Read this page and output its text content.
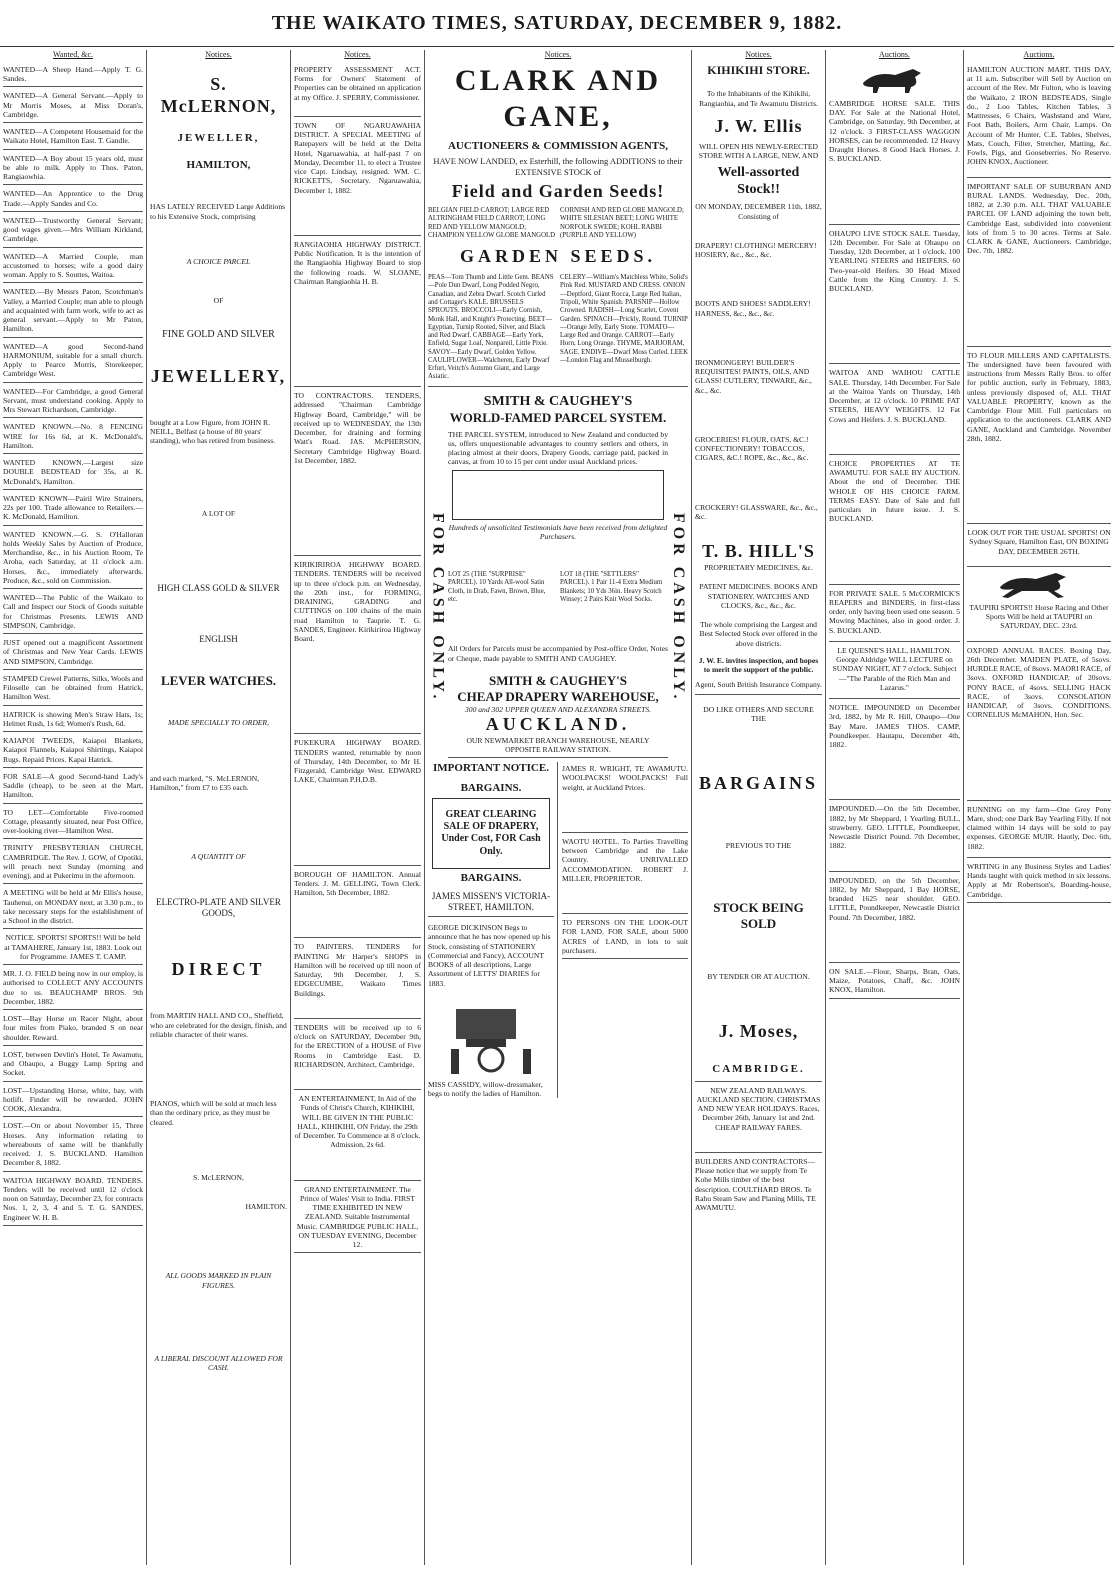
THE WAIKATO TIMES, SATURDAY, DECEMBER 9, 1882.
Wanted, &c.
WANTED—A Sheep Hand.—Apply T. G. Sandes.
WANTED—A General Servant.—Apply to Mr Morris Moses, at Miss Doran's, Cambridge.
WANTED—A Competent Housemaid for the Waikato Hotel, Hamilton East. T. Gandle.
WANTED—A Boy about 15 years old, must be able to milk. Apply to Thos. Paton, Rangiaowhia.
WANTED—An Apprentice to the Drug Trade.—Apply Sandes and Co.
WANTED—Trustworthy General Servant; good wages given.—Mrs William Kirkland, Cambridge.
WANTED—A Married Couple, man accustomed to horses; wife a good dairy woman. Apply to S. Souttes, Waitoa.
WANTED.—By Messrs Paton, Scotchman's Valley, a Married Couple; man able to plough and acquainted with farm work, wife to act as general servant.—Apply to Mr Paton, Hamilton.
WANTED—A good Second-hand HARMONIUM, suitable for a small church. Apply to Pearce Morris, Storekeeper, Cambridge West.
WANTED—For Cambridge, a good General Servant, must understand cooking. Apply to Mrs Stewart Richardson, Cambridge.
WANTED KNOWN.—No. 8 FENCING WIRE for 16s 6d, at K. McDonald's, Hamilton.
WANTED KNOWN.—Largest size DOUBLE BEDSTEAD for 35s, at K. McDonald's, Hamilton.
WANTED KNOWN—Pairil Wire Strainers, 22s per 100. Trade allowance to Retailers.—K. McDonald, Hamilton.
WANTED KNOWN.—G. S. O'Halloran holds Weekly Sales by Auction of Produce, Merchandise, &c., in his Auction Room, Te Aroha, each Saturday, at 11 o'clock a.m. Horses, &c., immediately afterwards. Produce, &c., sold on Commission.
WANTED—The Public of the Waikato to Call and Inspect our Stock of Goods suitable for Christmas Presents. LEWIS AND SIMPSON, Cambridge.
JUST opened out a magnificent Assortment of Christmas and New Year Cards. LEWIS AND SIMPSON, Cambridge.
STAMPED Crewel Patterns, Silks, Wools and Filoselle can be obtained from Hatrick, Hamilton West.
HATRICK is showing Men's Straw Hats, 1s; Helmet Rush, 1s 6d; Women's Rush, 6d.
KAIAPOI TWEEDS, Kaiapoi Blankets, Kaiapoi Flannels, Kaiapoi Shirtings, Kaiapoi Rugs. Repaid Prices. Kapai Hatrick.
FOR SALE—A good Second-hand Lady's Saddle (cheap), to be seen at the Mart, Hamilton.
TO LET—Comfortable Five-roomed Cottage, pleasantly situated, near Post Office, over-looking river—Hamilton West.
TRINITY PRESBYTERIAN CHURCH, CAMBRIDGE. The Rev. J. GOW, of Opotiki, will preach next Sunday (morning and evening), and at Pukerimu in the afternoon.
A MEETING will be held at Mr Ellis's house, Tauhenui, on MONDAY next, at 3.30 p.m., to take necessary steps for the establishment of a School in the district.
NOTICE. SPORTS! SPORTS!! Will be held at TAMAHERE, January 1st, 1883. Look out for Programme. JAMES T. CAMP.
MR. J. O. FIELD being now in our employ, is authorised to COLLECT ANY ACCOUNTS due to us. BEAUCHAMP BROS. 9th December, 1882.
LOST—Bay Horse on Racer Night, about four miles from Piako, branded S on near shoulder. Reward.
LOST, between Devlin's Hotel, Te Awamutu, and Ohaupo, a Buggy Lamp Spring and Socket.
LOST—Upstanding Horse, white, bay, with hotlift. Finder will be rewarded. JOHN COOK, Alexandra.
LOST.—On or about November 15, Three Horses. Any information relating to whereabouts of same will be thankfully received. J. S. BUCKLAND. Hamilton December 8, 1882.
WAITOA HIGHWAY BOARD. TENDERS. Tenders will be received until 12 o'clock noon on Saturday, December 23, for contracts Nos. 1, 2, 3, 4 and 5. T. G. SANDES, Engineer W. H. B.
Notices.
S. McLERNON,
JEWELLER,
HAMILTON,
HAS LATELY RECEIVED Large Additions to his Extensive Stock, comprising
A CHOICE PARCEL
OF
FINE GOLD AND SILVER
JEWELLERY,
bought at a Low Figure, from JOHN R. NEILL, Belfast (a house of 80 years' standing), who has retired from business.
A LOT OF
HIGH CLASS GOLD & SILVER
ENGLISH
LEVER WATCHES.
MADE SPECIALLY TO ORDER,
and each marked, "S. McLERNON, Hamilton," from £7 to £35 each.
A QUANTITY OF
ELECTRO-PLATE AND SILVER GOODS,
DIRECT
from MARTIN HALL AND CO., Sheffield, who are celebrated for the design, finish, and reliable character of their wares.
PIANOS, which will be sold at much less than the ordinary price, as they must be cleared.
S. McLERNON,
HAMILTON.
ALL GOODS MARKED IN PLAIN FIGURES.
A LIBERAL DISCOUNT ALLOWED FOR CASH.
Notices.
PROPERTY ASSESSMENT ACT. Forms for Owners' Statement of Properties can be obtained on application at my Office. J. SPERRY, Commissioner.
TOWN OF NGARUAWAHIA DISTRICT. A SPECIAL MEETING of Ratepayers will be held at the Delta Hotel, Ngaruawahia, at half-past 7 on Monday, December 11, to elect a Trustee vice Capt. Lindsay, resigned. WM. C. RICKETTS, Secretary. Ngaruawahia, December 1, 1882.
RANGIAOHIA HIGHWAY DISTRICT. Public Notification. It is the intention of the Rangiaohia Highway Board to stop the following roads. W. SLOANE, Chairman Rangiaohia H. B.
TO CONTRACTORS. TENDERS, addressed "Chairman Cambridge Highway Board, Cambridge," will be received up to WEDNESDAY, the 13th December, for draining and forming Watt's Road. JAS. McPHERSON, Secretary Cambridge Highway Board. 1st December, 1882.
KIRIKIRIROA HIGHWAY BOARD. TENDERS. TENDERS will be received up to three o'clock p.m. on Wednesday, the 20th inst., for FORMING, DRAINING, GRADING and CUTTINGS on 100 chains of the main road Hamilton to Tauprie. T. G. SANDES, Engineer. Kirikiriroa Highway Board.
PUKEKURA HIGHWAY BOARD. TENDERS wanted, returnable by noon of Thursday, 14th December, to Mr H. Fitzgerald, Cambridge West. EDWARD LAKE, Chairman P.H.D.B.
BOROUGH OF HAMILTON. Annual Tenders. J. M. GELLING, Town Clerk. Hamilton, 5th December, 1882.
TO PAINTERS. TENDERS for PAINTING Mr Harper's SHOPS in Hamilton will be received up till noon of Saturday, 9th December. J. S. EDGECUMBE, Waikato Times Buildings.
TENDERS will be received up to 6 o'clock on SATURDAY, December 9th, for the ERECTION of a HOUSE of Five Rooms in Cambridge East. D. RICHARDSON, Architect, Cambridge.
AN ENTERTAINMENT, In Aid of the Funds of Christ's Church, KIHIKIHI, WILL BE GIVEN IN THE PUBLIC HALL, KIHIKIHI, ON Friday, the 29th of December. To Commence at 8 o'clock. Admission, 2s 6d.
GRAND ENTERTAINMENT. The Prince of Wales' Visit to India. FIRST TIME EXHIBITED IN NEW ZEALAND. Suitable Instrumental Music. CAMBRIDGE PUBLIC HALL, ON TUESDAY EVENING, December 12.
Notices.
CLARK AND GANE,
AUCTIONEERS & COMMISSION AGENTS,
HAVE NOW LANDED, ex Esterhill, the following ADDITIONS to their EXTENSIVE STOCK of
Field and Garden Seeds!
BELGIAN FIELD CARROT; LARGE RED ALTRINGHAM FIELD CARROT; LONG RED AND YELLOW MANGOLD; CHAMPION YELLOW GLOBE MANGOLD
CORNISH AND RED GLOBE MANGOLD; WHITE SILESIAN BEET; LONG WHITE NORFOLK SWEDE; KOHL RABBI (PURPLE AND YELLOW)
GARDEN SEEDS.
PEAS—Tom Thumb and Little Gem. BEANS—Pole Dun Dwarf, Long Podded Negro, Canadian, and Zebra Dwarf. Scotch Curled and Cottager's KALE. BRUSSELS SPROUTS. BROCCOLI—Early Cornish, Monk Hall, and Knight's Protecting. BEET—Egyptian, Turnip Rooted, Silver, and Black and Red Dwarf. CABBAGE—Early York, Enfield, Sugar Loaf, Nonpareil, Little Pixie. SAVOY—Early Dwarf, Golden Yellow. CAULIFLOWER—Walcheren, Early Dwarf Erfurt, Veitch's Autumn Giant, and Large Asiatic.
CELERY—William's Matchless White, Solid's Pink Red. MUSTARD AND CRESS. ONION—Deptford, Giant Rocca, Large Red Italian, Tripoli, White Spanish. PARSNIP—Hollow Crowned. RADISH—Long Scarlet, Covent Garden. SPINACH—Prickly, Round. TURNIP—Orange Jelly, Early Stone. TOMATO—Large Red and Orange. CARROT—Early Horn, Long Orange. THYME, MARJORAM, SAGE. ENDIVE—Dwarf Moss Curled. LEEK—London Flag and Musselburgh.
FOR CASH ONLY.	FOR CASH ONLY.
SMITH & CAUGHEY'S
WORLD-FAMED PARCEL SYSTEM.
THE PARCEL SYSTEM, introduced to New Zealand and conducted by us, offers unquestionable advantages to country settlers and others, in placing almost at their doors, Drapery Goods, carriage paid, packed in canvas, at from 10 to 15 per cent under usual Auckland prices.
Hundreds of unsolicited Testimonials have been received from delighted Purchasers.
LOT 25 (THE "SURPRISE" PARCEL). 10 Yards All-wool Satin Cloth, in Drab, Fawn, Brown, Blue, etc.
LOT 18 (THE "SETTLERS" PARCEL). 1 Pair 11-4 Extra Medium Blankets; 10 Yds 36in. Heavy Scotch Winsey; 2 Pairs Knit Wool Socks.
All Orders for Parcels must be accompanied by Post-office Order, Notes or Cheque, made payable to SMITH AND CAUGHEY.
SMITH & CAUGHEY'S
CHEAP DRAPERY WAREHOUSE,
300 and 302 UPPER QUEEN AND ALEXANDRA STREETS.
AUCKLAND.
OUR NEWMARKET BRANCH WAREHOUSE, NEARLY OPPOSITE RAILWAY STATION.
IMPORTANT NOTICE.
BARGAINS.
GREAT CLEARING SALE OF DRAPERY, Under Cost, FOR Cash Only.
BARGAINS.
JAMES MISSEN'S VICTORIA-STREET, HAMILTON.
GEORGE DICKINSON Begs to announce that he has now opened up his Stock, consisting of STATIONERY (Commercial and Fancy), ACCOUNT BOOKS of all descriptions, Large Assortment of LETTS' DIARIES for 1883.
MISS CASSIDY, willow-dressmaker, begs to notify the ladies of Hamilton.
JAMES R. WRIGHT, TE AWAMUTU. WOOLPACKS! WOOLPACKS! Full weight, at Auckland Prices.
WAOTU HOTEL. To Parties Travelling between Cambridge and the Lake Country. UNRIVALLED ACCOMMODATION. ROBERT J. MILLER, PROPRIETOR.
TO PERSONS ON THE LOOK-OUT FOR LAND. FOR SALE, about 5000 ACRES of LAND, in lots to suit purchasers.
Notices.
KIHIKIHI STORE.
To the Inhabitants of the Kihikihi, Rangiaohia, and Te Awamutu Districts.
J. W. Ellis
WILL OPEN HIS NEWLY-ERECTED STORE WITH A LARGE, NEW, AND
Well-assorted Stock!!
ON MONDAY, DECEMBER 11th, 1882, Consisting of
DRAPERY! CLOTHING! MERCERY! HOSIERY, &c., &c., &c.
BOOTS AND SHOES! SADDLERY! HARNESS, &c., &c., &c.
IRONMONGERY! BUILDER'S REQUISITES! PAINTS, OILS, AND GLASS! CUTLERY, TINWARE, &c., &c., &c.
GROCERIES! FLOUR, OATS, &C.! CONFECTIONERY! TOBACCOS, CIGARS, &C.! ROPE, &c., &c., &c.
CROCKERY! GLASSWARE, &c., &c., &c.
T. B. HILL'S
PROPRIETARY MEDICINES, &c.
PATENT MEDICINES. BOOKS AND STATIONERY. WATCHES AND CLOCKS, &c., &c., &c.
The whole comprising the Largest and Best Selected Stock ever offered in the above districts.
J. W. E. invites inspection, and hopes to merit the support of the public.
Agent, South British Insurance Company.
DO LIKE OTHERS AND SECURE THE
BARGAINS
PREVIOUS TO THE
STOCK BEING SOLD
BY TENDER OR AT AUCTION.
J. Moses,
CAMBRIDGE.
NEW ZEALAND RAILWAYS. AUCKLAND SECTION. CHRISTMAS AND NEW YEAR HOLIDAYS. Races, December 26th, January 1st and 2nd. CHEAP RAILWAY FARES.
BUILDERS AND CONTRACTORS—Please notice that we supply from Te Kohe Mills timber of the best description. COULTHARD BROS. Te Rahu Steam Saw and Planing Mills, TE AWAMUTU.
Auctions.
CAMBRIDGE HORSE SALE. THIS DAY. For Sale at the National Hotel, Cambridge, on Saturday, 9th December, at 12 o'clock. 3 FIRST-CLASS WAGGON HORSES, can be recommended. 12 Heavy Draught Horses. 8 Good Hack Horses. J. S. BUCKLAND.
OHAUPO LIVE STOCK SALE. Tuesday, 12th December. For Sale at Ohaupo on Tuesday, 12th December, at 1 o'clock. 100 YEARLING STEERS and HEIFERS. 60 Two-year-old Heifers. 30 Head Mixed Cattle from the King Country. J. S. BUCKLAND.
WAITOA AND WAIHOU CATTLE SALE. Thursday, 14th December. For Sale at the Waitoa Yards on Thursday, 14th December, at 12 o'clock. 10 PRIME FAT STEERS, HEAVY WEIGHTS. 12 Fat Cows and Heifers. J. S. BUCKLAND.
CHOICE PROPERTIES AT TE AWAMUTU. FOR SALE BY AUCTION. About the end of December. THE WHOLE OF HIS CHOICE FARM. TERMS EASY. Date of Sale and full particulars in future issue. J. S. BUCKLAND.
FOR PRIVATE SALE. 5 McCORMICK'S REAPERS and BINDERS, in first-class order, only having been used one season. 5 Mowing Machines, also in good order. J. S. BUCKLAND.
LE QUESNE'S HALL, HAMILTON. George Aldridge WILL LECTURE on SUNDAY NIGHT, AT 7 o'clock. Subject—"The Parable of the Rich Man and Lazarus."
NOTICE. IMPOUNDED on December 3rd, 1882, by Mr R. Hill, Ohaupo—One Bay Mare. JAMES THOS. CAMP, Poundkeeper. Hautapu, December 4th, 1882.
IMPOUNDED.—On the 5th December, 1882, by Mr Sheppard, 1 Yearling BULL, strawberry. GEO. LITTLE, Poundkeeper, Newcastle District Pound. 7th December, 1882.
IMPOUNDED, on the 5th December, 1882, by Mr Sheppard, 1 Bay HORSE, branded 1625 near shoulder. GEO. LITTLE, Poundkeeper, Newcastle District Pound. 7th December, 1882.
ON SALE.—Flour, Sharps, Bran, Oats, Maize, Potatoes, Chaff, &c. JOHN KNOX, Hamilton.
Auctions.
HAMILTON AUCTION MART. THIS DAY, at 11 a.m. Subscriber will Sell by Auction on account of the Rev. Mr Fulton, who is leaving the Waikato, 2 IRON BEDSTEADS, Single do., 2 Loo Tables, Kitchen Tables, 3 Mattresses, 6 Chairs, Washstand and Ware, Foot Bath, Boilers, Arm Chair, Lamps. On Account of Mr Hunter, C.E. Tables, Shelves, Mats, Couch, Filter, Stretcher, Matting, &c. Fowls, Pigs, and Gooseberries. No Reserve. JOHN KNOX, Auctioneer.
IMPORTANT SALE OF SUBURBAN AND RURAL LANDS. Wednesday, Dec. 20th, 1882, at 2.30 p.m. ALL THAT VALUABLE PARCEL OF LAND adjoining the town belt, Cambridge East, subdivided into convenient lots of from 5 to 30 acres. Terms at Sale. CLARK & GANE, Auctioneers. Cambridge, Dec. 7th, 1882.
TO FLOUR MILLERS AND CAPITALISTS. The undersigned have been favoured with instructions from Messrs Rally Bros. to offer for public auction, early in February, 1883, unless previously disposed of, ALL THAT VALUABLE PROPERTY, known as the Cambridge Flour Mill. Full particulars on application to the auctioneers. CLARK AND GANE, Auckland and Cambridge. November 28th, 1882.
LOOK OUT FOR THE USUAL SPORTS! ON Sydney Square, Hamilton East, ON BOXING DAY, DECEMBER 26TH.
TAUPIRI SPORTS!! Horse Racing and Other Sports Will be held at TAUPIRI on SATURDAY, DEC. 23rd.
OXFORD ANNUAL RACES. Boxing Day, 26th December. MAIDEN PLATE, of 5sovs. HURDLE RACE, of 8sovs. MAORI RACE, of 3sovs. OXFORD HANDICAP, of 20sovs. PONY RACE, of 4sovs. SELLING HACK RACE, of 3sovs. CONSOLATION HANDICAP, of 3sovs. CONDITIONS. CORNELIUS McMAHON, Hon. Sec.
RUNNING on my farm—One Grey Pony Mare, shod; one Dark Bay Yearling Filly. If not claimed within 14 days will be sold to pay expenses. GEORGE MUIR. Hautly, Dec. 6th, 1882.
WRITING in any Business Styles and Ladies' Hands taught with quick method in six lessons. Apply at Mr Robertson's, Boarding-house, Cambridge.
